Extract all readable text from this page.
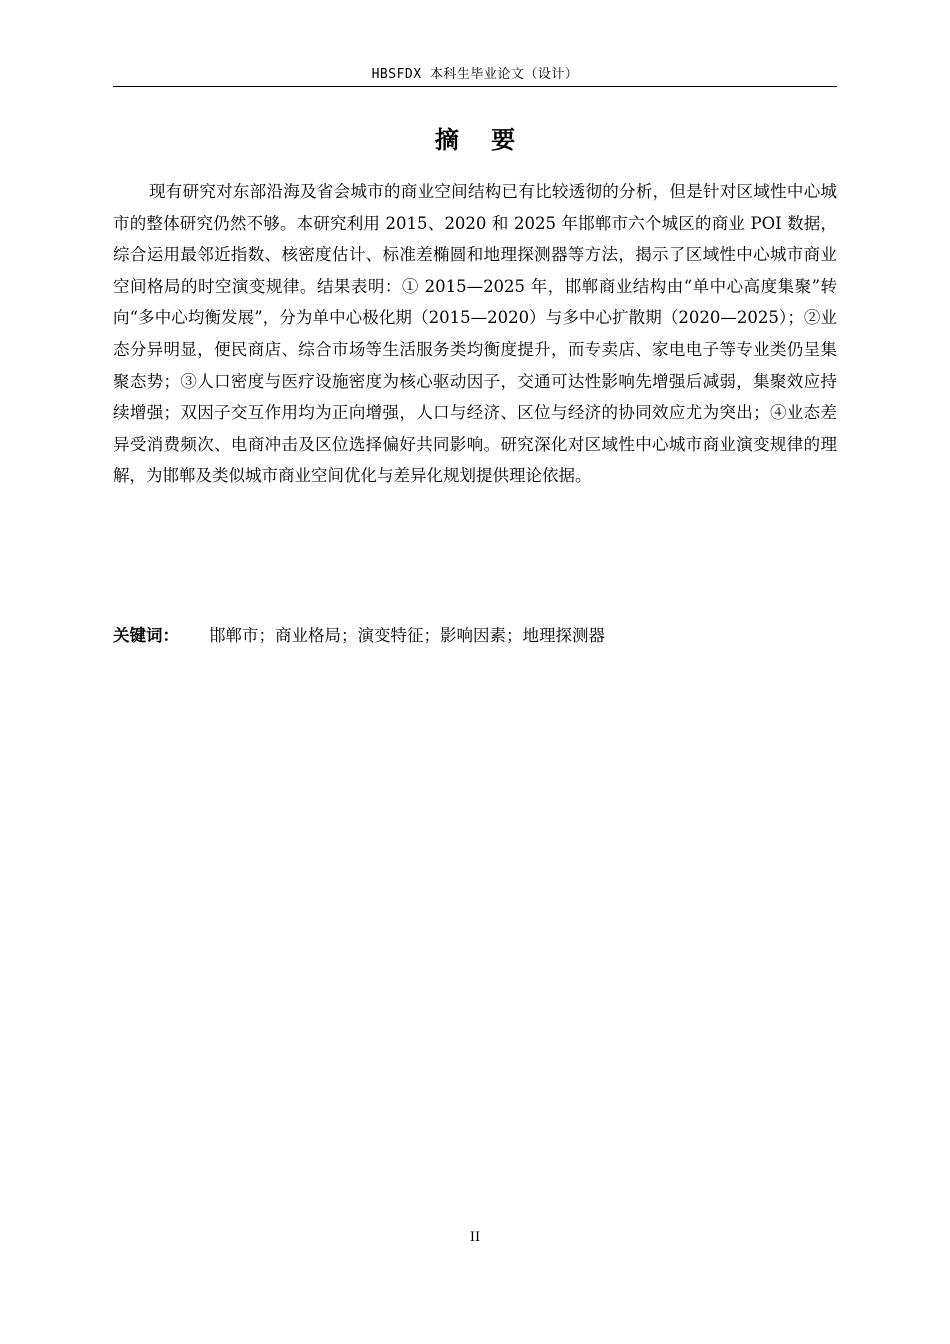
HBSFDX 本科生毕业论文（设计）
摘 要

现有研究对东部沿海及省会城市的商业空间结构已有比较透彻的分析，但是针对区域性中心城市的整体研究仍然不够。本研究利用 2015、2020 和 2025 年邯郸市六个城区的商业 POI 数据，综合运用最邻近指数、核密度估计、标准差椭圆和地理探测器等方法，揭示了区域性中心城市商业空间格局的时空演变规律。结果表明：① 2015—2025 年，邯郸商业结构由“单中心高度集聚”转向“多中心均衡发展”，分为单中心极化期（2015—2020）与多中心扩散期（2020—2025）；②业态分异明显，便民商店、综合市场等生活服务类均衡度提升，而专卖店、家电电子等专业类仍呈集聚态势；③人口密度与医疗设施密度为核心驱动因子，交通可达性影响先增强后减弱，集聚效应持续增强；双因子交互作用均为正向增强，人口与经济、区位与经济的协同效应尤为突出；④业态差异受消费频次、电商冲击及区位选择偏好共同影响。研究深化对区域性中心城市商业演变规律的理解，为邯郸及类似城市商业空间优化与差异化规划提供理论依据。

关键词： 邯郸市；商业格局；演变特征；影响因素；地理探测器
II
